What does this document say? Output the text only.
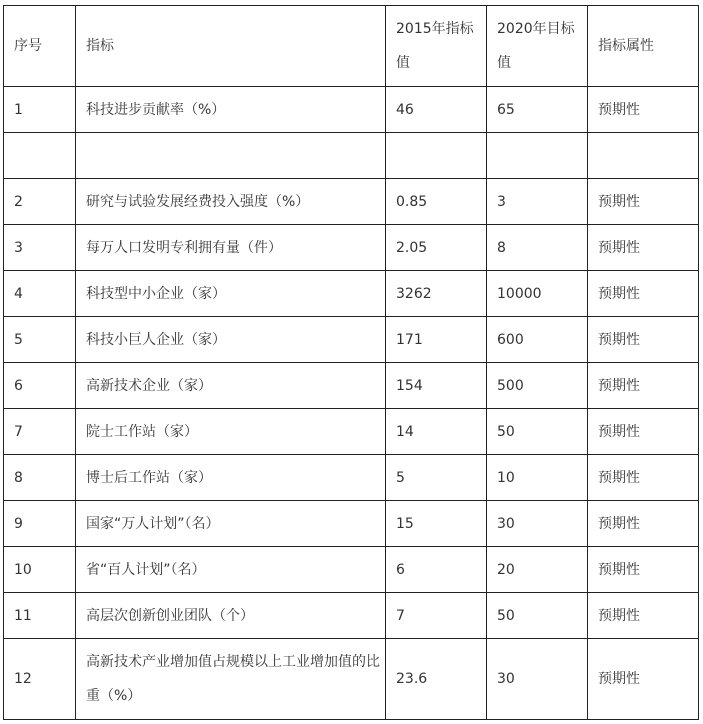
序号	指标	2015年指标值	2020年目标值	指标属性
1	科技进步贡献率（%）	46	65	预期性

2	研究与试验发展经费投入强度（%）	0.85	3	预期性
3	每万人口发明专利拥有量（件）	2.05	8	预期性
4	科技型中小企业（家）	3262	10000	预期性
5	科技小巨人企业（家）	171	600	预期性
6	高新技术企业（家）	154	500	预期性
7	院士工作站（家）	14	50	预期性
8	博士后工作站（家）	5	10	预期性
9	国家“万人计划”（名）	15	30	预期性
10	省“百人计划”（名）	6	20	预期性
11	高层次创新创业团队（个）	7	50	预期性
12	高新技术产业增加值占规模以上工业增加值的比重（%）	23.6	30	预期性
